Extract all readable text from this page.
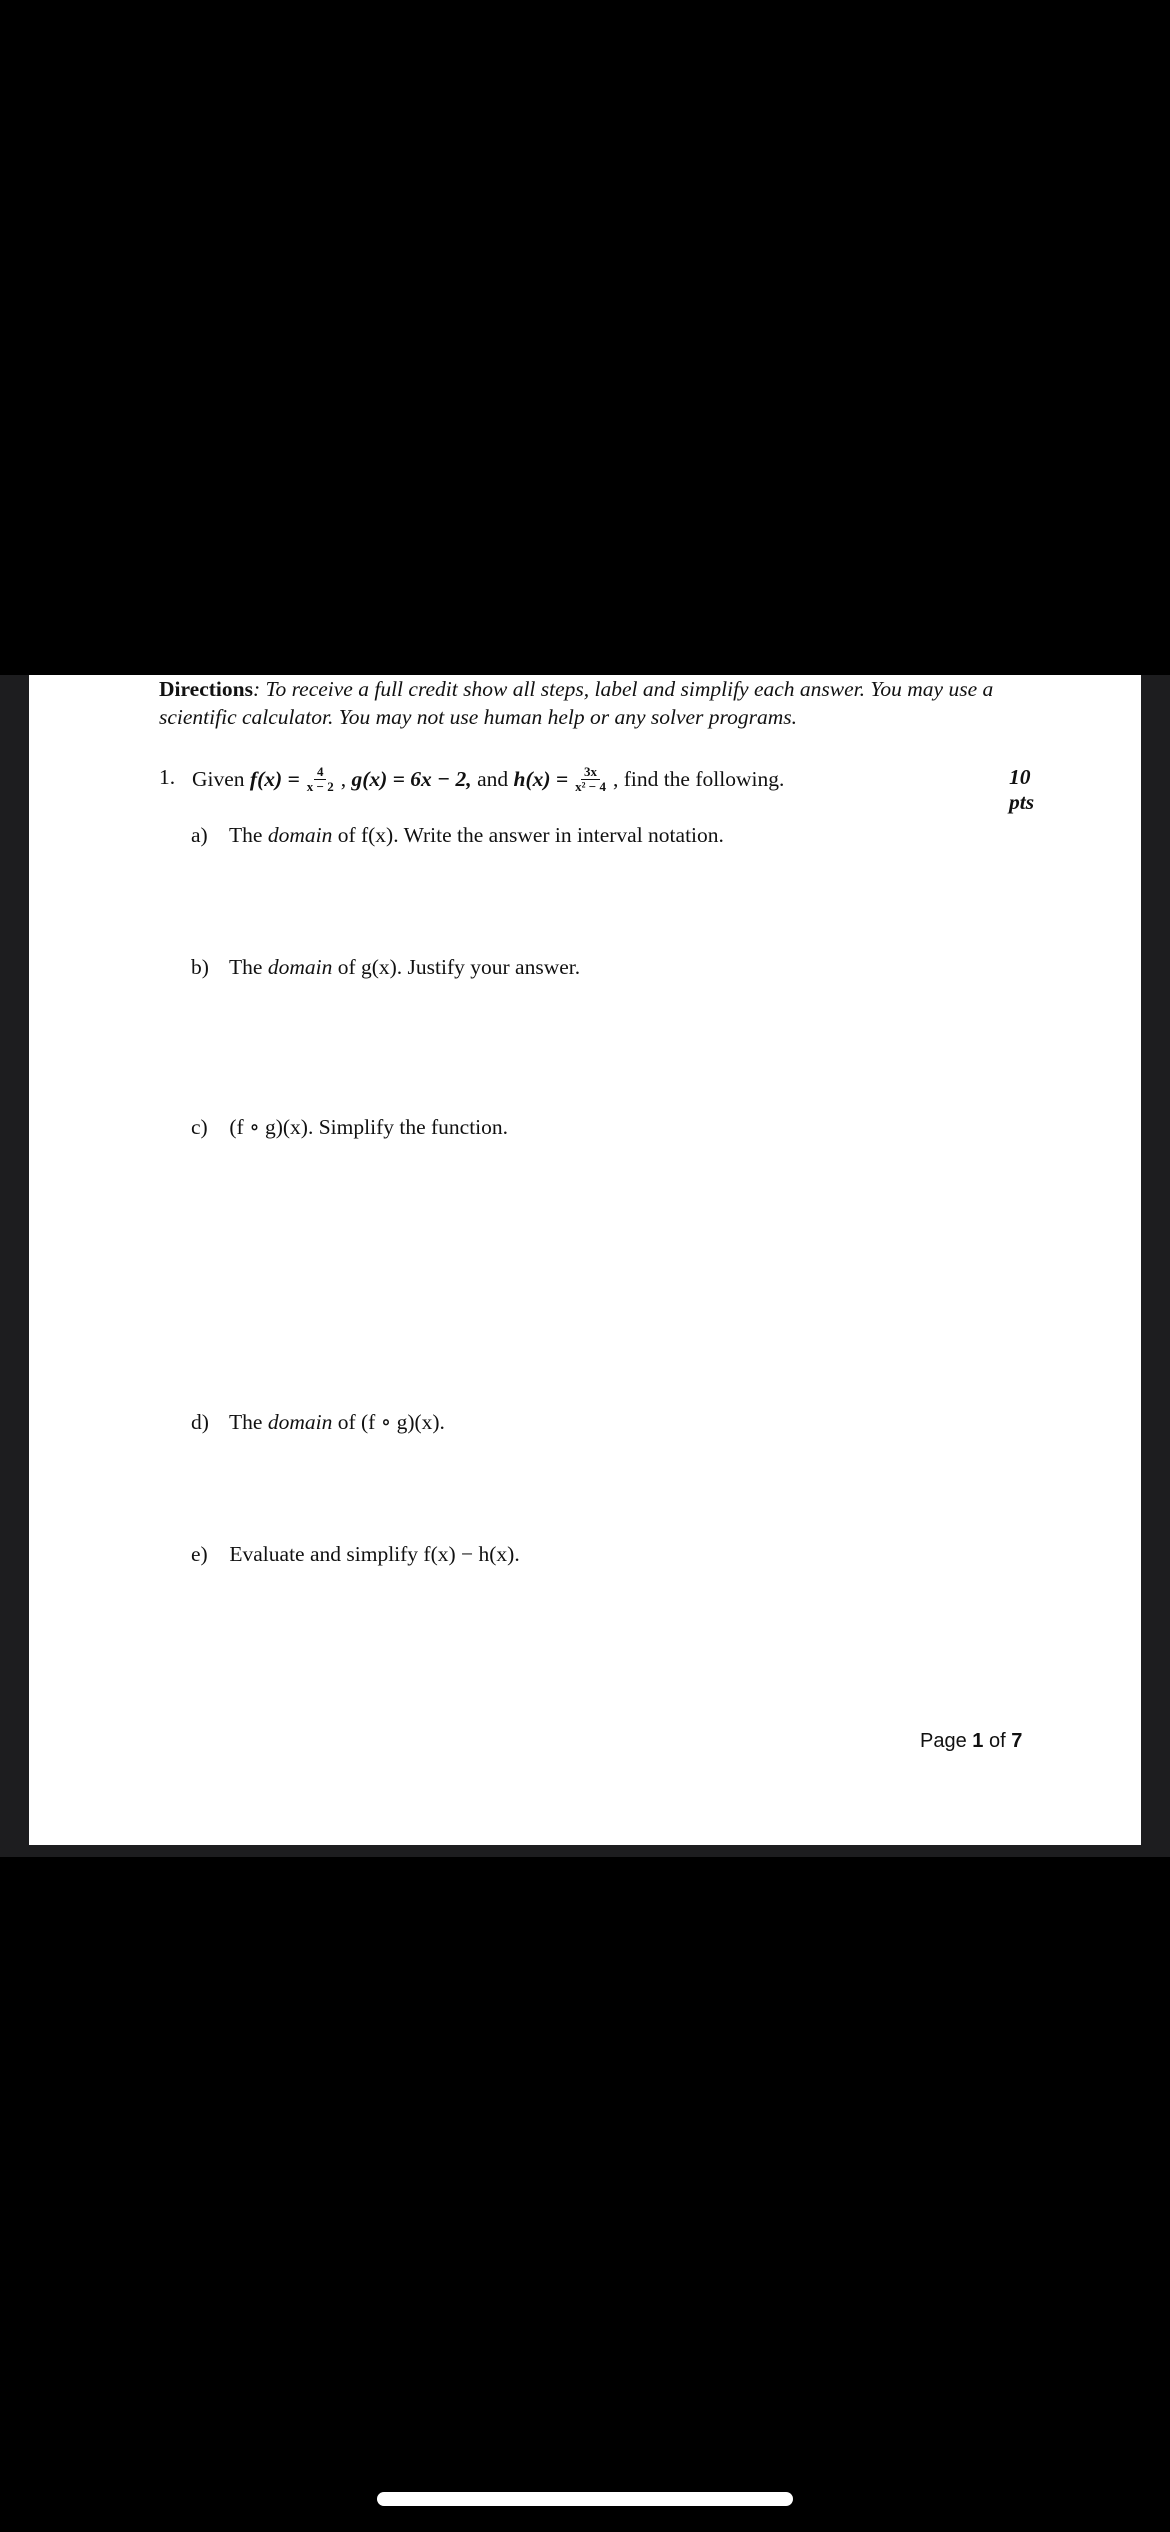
Directions: To receive a full credit show all steps, label and simplify each answer. You may use a scientific calculator. You may not use human help or any solver programs.
1. Given
$f(x) = \frac{4}{x - 2}$ , g(x) = 6x − 2,
and
$h(x) = \frac{3x}{\text{x² − 4}}$ , find the following.	10 pts
a) The domain of f(x). Write the answer in interval notation.
b) The domain of g(x). Justify your answer.
c) (f ∘ g)(x). Simplify the function.
d) The domain of (f ∘ g)(x).
e) Evaluate and simplify f(x) − h(x).
Page 1 of 7
